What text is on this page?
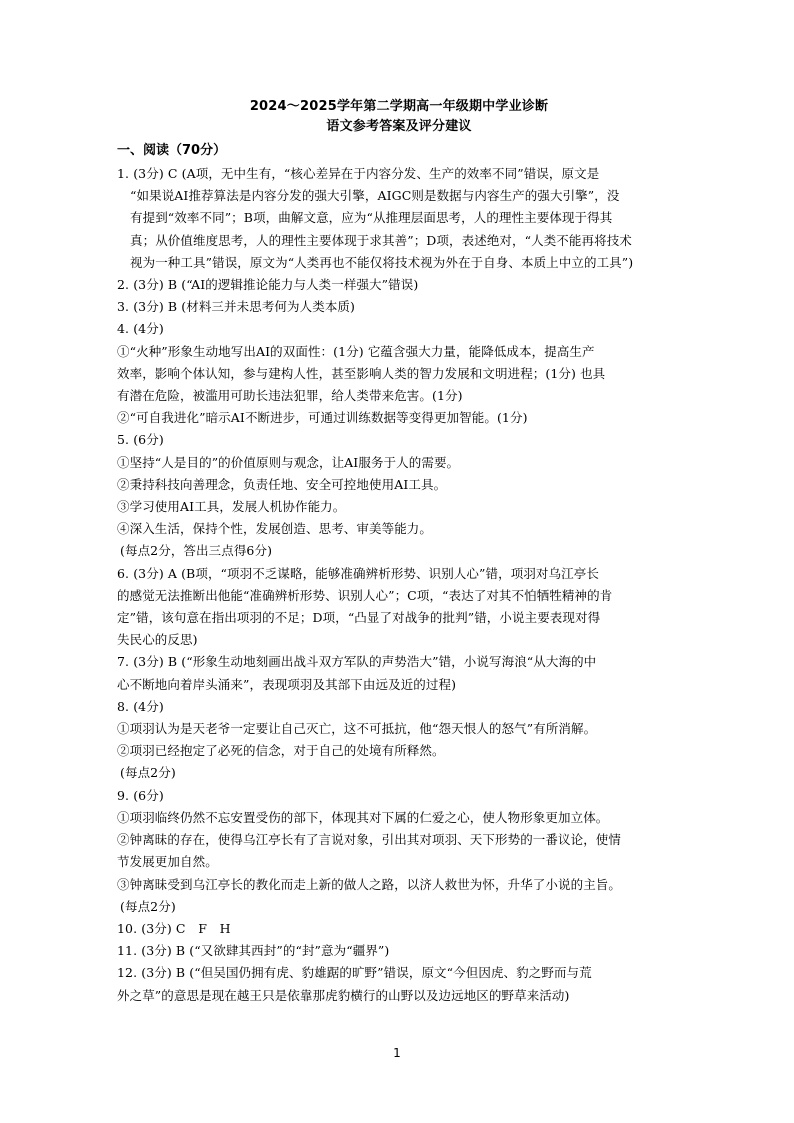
2024～2025学年第二学期高一年级期中学业诊断
语文参考答案及评分建议
一、阅读（70分）
1. (3分) C (A项，无中生有，“核心差异在于内容分发、生产的效率不同”错误，原文是
“如果说AI推荐算法是内容分发的强大引擎，AIGC则是数据与内容生产的强大引擎”，没
有提到“效率不同”；B项，曲解文意，应为“从推理层面思考，人的理性主要体现于得其
真；从价值维度思考，人的理性主要体现于求其善”；D项，表述绝对，“人类不能再将技术
视为一种工具”错误，原文为“人类再也不能仅将技术视为外在于自身、本质上中立的工具”)
2. (3分) B (“AI的逻辑推论能力与人类一样强大”错误)
3. (3分) B (材料三并未思考何为人类本质)
4. (4分)
①“火种”形象生动地写出AI的双面性：(1分) 它蕴含强大力量，能降低成本，提高生产
效率，影响个体认知，参与建构人性，甚至影响人类的智力发展和文明进程；(1分) 也具
有潜在危险，被滥用可助长违法犯罪，给人类带来危害。(1分)
②“可自我进化”暗示AI不断进步，可通过训练数据等变得更加智能。(1分)
5. (6分)
①坚持“人是目的”的价值原则与观念，让AI服务于人的需要。
②秉持科技向善理念，负责任地、安全可控地使用AI工具。
③学习使用AI工具，发展人机协作能力。
④深入生活，保持个性，发展创造、思考、审美等能力。
(每点2分，答出三点得6分)
6. (3分) A (B项，“项羽不乏谋略，能够准确辨析形势、识别人心”错，项羽对乌江亭长
的感觉无法推断出他能“准确辨析形势、识别人心”；C项，“表达了对其不怕牺牲精神的肯
定”错，该句意在指出项羽的不足；D项，“凸显了对战争的批判”错，小说主要表现对得
失民心的反思)
7. (3分) B (“形象生动地刻画出战斗双方军队的声势浩大”错，小说写海浪“从大海的中
心不断地向着岸头涌来”，表现项羽及其部下由远及近的过程)
8. (4分)
①项羽认为是天老爷一定要让自己灭亡，这不可抵抗，他“怨天恨人的怒气”有所消解。
②项羽已经抱定了必死的信念，对于自己的处境有所释然。
(每点2分)
9. (6分)
①项羽临终仍然不忘安置受伤的部下，体现其对下属的仁爱之心，使人物形象更加立体。
②钟离昧的存在，使得乌江亭长有了言说对象，引出其对项羽、天下形势的一番议论，使情
节发展更加自然。
③钟离昧受到乌江亭长的教化而走上新的做人之路，以济人救世为怀，升华了小说的主旨。
(每点2分)
10. (3分) C　F　H
11. (3分) B (“又欲肆其西封”的“封”意为“疆界”)
12. (3分) B (“但吴国仍拥有虎、豹雄踞的旷野”错误，原文“今但因虎、豹之野而与荒
外之草”的意思是现在越王只是依靠那虎豹横行的山野以及边远地区的野草来活动)
1
